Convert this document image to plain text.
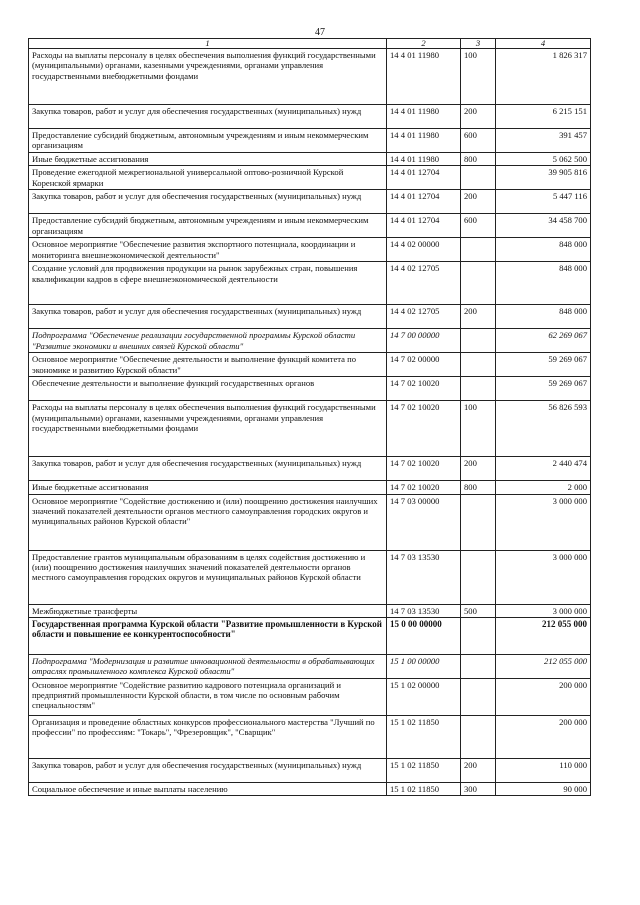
47
1	2	3	4
Расходы на выплаты персоналу в целях обеспечения выполнения функций государственными (муниципальными) органами, казенными учреждениями, органами управления государственными внебюджетными фондами	14 4 01 11980	100	1 826 317
Закупка товаров, работ и услуг для обеспечения государственных (муниципальных) нужд	14 4 01 11980	200	6 215 151
Предоставление субсидий бюджетным, автономным учреждениям и иным некоммерческим организациям	14 4 01 11980	600	391 457
Иные бюджетные ассигнования	14 4 01 11980	800	5 062 500
Проведение ежегодной межрегиональной универсальной оптово-розничной Курской Коренской ярмарки	14 4 01 12704		39 905 816
Закупка товаров, работ и услуг для обеспечения государственных (муниципальных) нужд	14 4 01 12704	200	5 447 116
Предоставление субсидий бюджетным, автономным учреждениям и иным некоммерческим организациям	14 4 01 12704	600	34 458 700
Основное мероприятие "Обеспечение развития экспортного потенциала, координации и мониторинга внешнеэкономической деятельности"	14 4 02 00000		848 000
Создание условий для продвижения продукции на рынок зарубежных стран, повышения квалификации кадров в сфере внешнеэкономической деятельности	14 4 02 12705		848 000
Закупка товаров, работ и услуг для обеспечения государственных (муниципальных) нужд	14 4 02 12705	200	848 000
Подпрограмма "Обеспечение реализации государственной программы Курской области "Развитие экономики и внешних связей Курской области"	14 7 00 00000		62 269 067
Основное мероприятие "Обеспечение деятельности и выполнение функций комитета по экономике и развитию Курской области"	14 7 02 00000		59 269 067
Обеспечение деятельности и выполнение функций государственных органов	14 7 02 10020		59 269 067
Расходы на выплаты персоналу в целях обеспечения выполнения функций государственными (муниципальными) органами, казенными учреждениями, органами управления государственными внебюджетными фондами	14 7 02 10020	100	56 826 593
Закупка товаров, работ и услуг для обеспечения государственных (муниципальных) нужд	14 7 02 10020	200	2 440 474
Иные бюджетные ассигнования	14 7 02 10020	800	2 000
Основное мероприятие "Содействие достижению и (или) поощрению достижения наилучших значений показателей деятельности органов местного самоуправления городских округов и муниципальных районов Курской области"	14 7 03 00000		3 000 000
Предоставление грантов муниципальным образованиям в целях содействия достижению и (или) поощрению достижения наилучших значений показателей деятельности органов местного самоуправления городских округов и муниципальных районов Курской области	14 7 03 13530		3 000 000
Межбюджетные трансферты	14 7 03 13530	500	3 000 000
Государственная программа Курской области "Развитие промышленности в Курской области и повышение ее конкурентоспособности"	15 0 00 00000		212 055 000
Подпрограмма "Модернизация и развитие инновационной деятельности в обрабатывающих отраслях промышленного комплекса Курской области"	15 1 00 00000		212 055 000
Основное мероприятие "Содействие развитию кадрового потенциала организаций и предприятий промышленности Курской области, в том числе по основным рабочим специальностям"	15 1 02 00000		200 000
Организация и проведение областных конкурсов профессионального мастерства "Лучший по профессии" по профессиям: "Токарь", "Фрезеровщик", "Сварщик"	15 1 02 11850		200 000
Закупка товаров, работ и услуг для обеспечения государственных (муниципальных) нужд	15 1 02 11850	200	110 000
Социальное обеспечение и иные выплаты населению	15 1 02 11850	300	90 000
